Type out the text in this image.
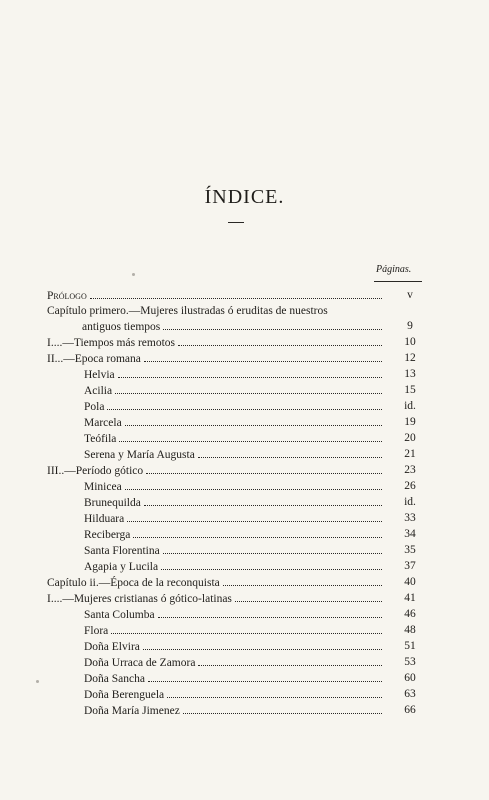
ÍNDICE.
Páginas.
Prólogo	v
Capítulo primero.—Mujeres ilustradas ó eruditas de nuestros
antiguos tiempos	9
I....—Tiempos más remotos	10
II...—Epoca romana	12
Helvia	13
Acilia	15
Pola	id.
Marcela	19
Teófila	20
Serena y María Augusta	21
III..—Período gótico	23
Minicea	26
Brunequilda	id.
Hilduara	33
Reciberga	34
Santa Florentina	35
Agapia y Lucila	37
Capítulo ii.—Época de la reconquista	40
I....—Mujeres cristianas ó gótico-latinas	41
Santa Columba	46
Flora	48
Doña Elvira	51
Doña Urraca de Zamora	53
Doña Sancha	60
Doña Berenguela	63
Doña María Jimenez	66
